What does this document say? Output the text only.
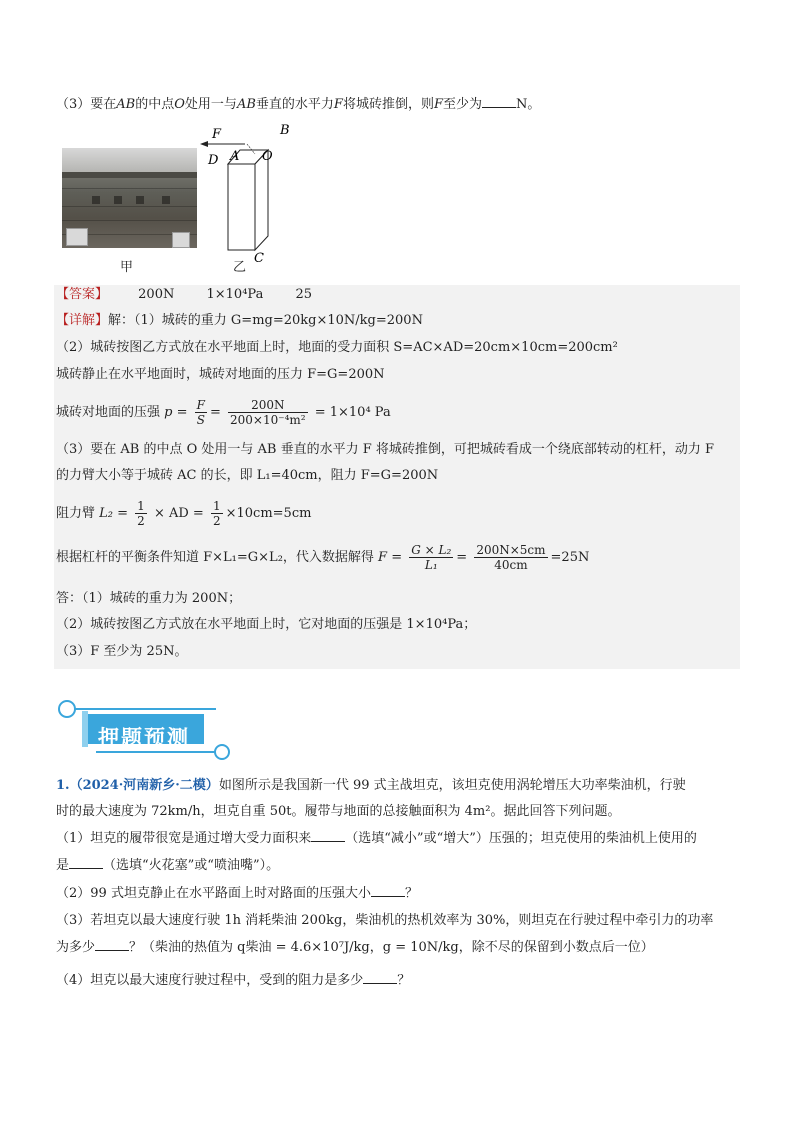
（3）要在AB的中点O处用一与AB垂直的水平力F将城砖推倒，则F至少为	N。
甲
F	B
D A O
C
乙
【答案】 200N 1×10⁴Pa 25
【详解】解：（1）城砖的重力 G=mg=20kg×10N/kg=200N
（2）城砖按图乙方式放在水平地面上时，地面的受力面积 S=AC×AD=20cm×10cm=200cm²
城砖静止在水平地面时，城砖对地面的压力 F=G=200N
城砖对地面的压强 $p = \frac{F}{S} = \frac{200N}{\text{200×10⁻⁴m²}} = 1\times 10^4$ Pa
（3）要在 AB 的中点 O 处用一与 AB 垂直的水平力 F 将城砖推倒，可把城砖看成一个绕底部转动的杠杆，动力 F
的力臂大小等于城砖 AC 的长，即 L₁=40cm，阻力 F=G=200N
阻力臂 $L_2 = \frac{1}{2}$ × AD = $\frac{1}{2} \times 10cm=5cm$
根据杠杆的平衡条件知道 F×L₁=G×L₂，代入数据解得 $F = \frac{\text{G × L₂}}{\text{L₁}} = \frac{200N\times 5cm}{40cm} =25N$
答：（1）城砖的重力为 200N；
（2）城砖按图乙方式放在水平地面上时，它对地面的压强是 1×10⁴Pa；
（3）F 至少为 25N。
押题预测
1.（2024·河南新乡·二模）如图所示是我国新一代 99 式主战坦克，该坦克使用涡轮增压大功率柴油机，行驶
时的最大速度为 72km/h，坦克自重 50t。履带与地面的总接触面积为 4m²。据此回答下列问题。
（1）坦克的履带很宽是通过增大受力面积来	（选填“减小”或“增大”）压强的；坦克使用的柴油机上使用的
是	（选填“火花塞”或“喷油嘴”）。
（2）99 式坦克静止在水平路面上时对路面的压强大小	？
（3）若坦克以最大速度行驶 1h 消耗柴油 200kg，柴油机的热机效率为 30%，则坦克在行驶过程中牵引力的功率
为多少	？（柴油的热值为 q柴油 = 4.6×10⁷J/kg，g = 10N/kg，除不尽的保留到小数点后一位）
（4）坦克以最大速度行驶过程中，受到的阻力是多少	？
